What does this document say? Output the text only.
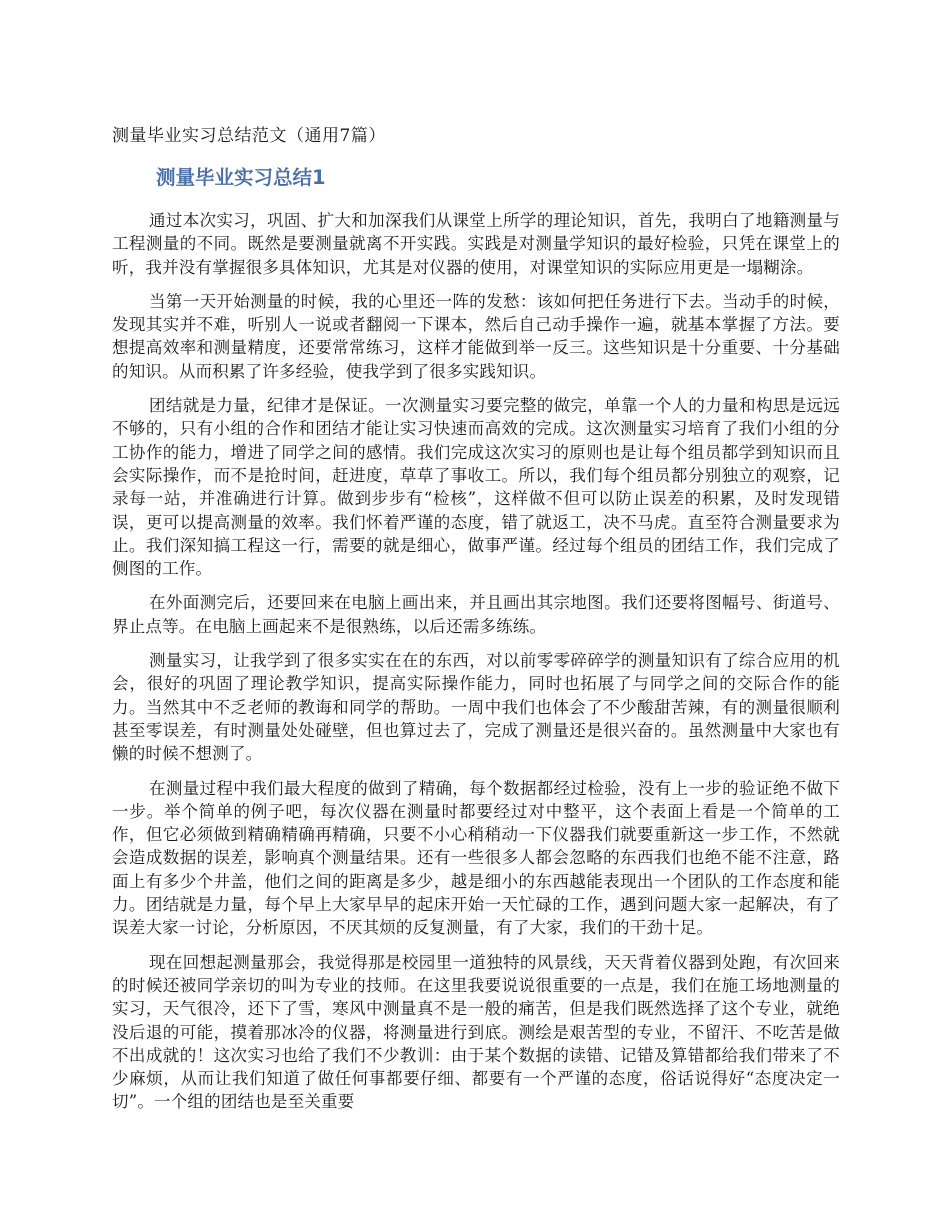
测量毕业实习总结范文（通用7篇）
测量毕业实习总结1

通过本次实习，巩固、扩大和加深我们从课堂上所学的理论知识，首先，我明白了地籍测量与工程测量的不同。既然是要测量就离不开实践。实践是对测量学知识的最好检验，只凭在课堂上的听，我并没有掌握很多具体知识，尤其是对仪器的使用，对课堂知识的实际应用更是一塌糊涂。

当第一天开始测量的时候，我的心里还一阵的发愁：该如何把任务进行下去。当动手的时候，发现其实并不难，听别人一说或者翻阅一下课本，然后自己动手操作一遍，就基本掌握了方法。要想提高效率和测量精度，还要常常练习，这样才能做到举一反三。这些知识是十分重要、十分基础的知识。从而积累了许多经验，使我学到了很多实践知识。

团结就是力量，纪律才是保证。一次测量实习要完整的做完，单靠一个人的力量和构思是远远不够的，只有小组的合作和团结才能让实习快速而高效的完成。这次测量实习培育了我们小组的分工协作的能力，增进了同学之间的感情。我们完成这次实习的原则也是让每个组员都学到知识而且会实际操作，而不是抢时间，赶进度，草草了事收工。所以，我们每个组员都分别独立的观察，记录每一站，并准确进行计算。做到步步有“检核”，这样做不但可以防止误差的积累，及时发现错误，更可以提高测量的效率。我们怀着严谨的态度，错了就返工，决不马虎。直至符合测量要求为止。我们深知搞工程这一行，需要的就是细心，做事严谨。经过每个组员的团结工作，我们完成了侧图的工作。

在外面测完后，还要回来在电脑上画出来，并且画出其宗地图。我们还要将图幅号、街道号、界止点等。在电脑上画起来不是很熟练，以后还需多练练。

测量实习，让我学到了很多实实在在的东西，对以前零零碎碎学的测量知识有了综合应用的机会，很好的巩固了理论教学知识，提高实际操作能力，同时也拓展了与同学之间的交际合作的能力。当然其中不乏老师的教诲和同学的帮助。一周中我们也体会了不少酸甜苦辣，有的测量很顺利甚至零误差，有时测量处处碰壁，但也算过去了，完成了测量还是很兴奋的。虽然测量中大家也有懒的时候不想测了。

在测量过程中我们最大程度的做到了精确，每个数据都经过检验，没有上一步的验证绝不做下一步。举个简单的例子吧，每次仪器在测量时都要经过对中整平，这个表面上看是一个简单的工作，但它必须做到精确精确再精确，只要不小心稍稍动一下仪器我们就要重新这一步工作，不然就会造成数据的误差，影响真个测量结果。还有一些很多人都会忽略的东西我们也绝不能不注意，路面上有多少个井盖，他们之间的距离是多少，越是细小的东西越能表现出一个团队的工作态度和能力。团结就是力量，每个早上大家早早的起床开始一天忙碌的工作，遇到问题大家一起解决，有了误差大家一讨论，分析原因，不厌其烦的反复测量，有了大家，我们的干劲十足。

现在回想起测量那会，我觉得那是校园里一道独特的风景线，天天背着仪器到处跑，有次回来的时候还被同学亲切的叫为专业的技师。在这里我要说说很重要的一点是，我们在施工场地测量的实习，天气很冷，还下了雪，寒风中测量真不是一般的痛苦，但是我们既然选择了这个专业，就绝没后退的可能，摸着那冰冷的仪器，将测量进行到底。测绘是艰苦型的专业，不留汗、不吃苦是做不出成就的！这次实习也给了我们不少教训：由于某个数据的读错、记错及算错都给我们带来了不少麻烦，从而让我们知道了做任何事都要仔细、都要有一个严谨的态度，俗话说得好“态度决定一切”。一个组的团结也是至关重要
